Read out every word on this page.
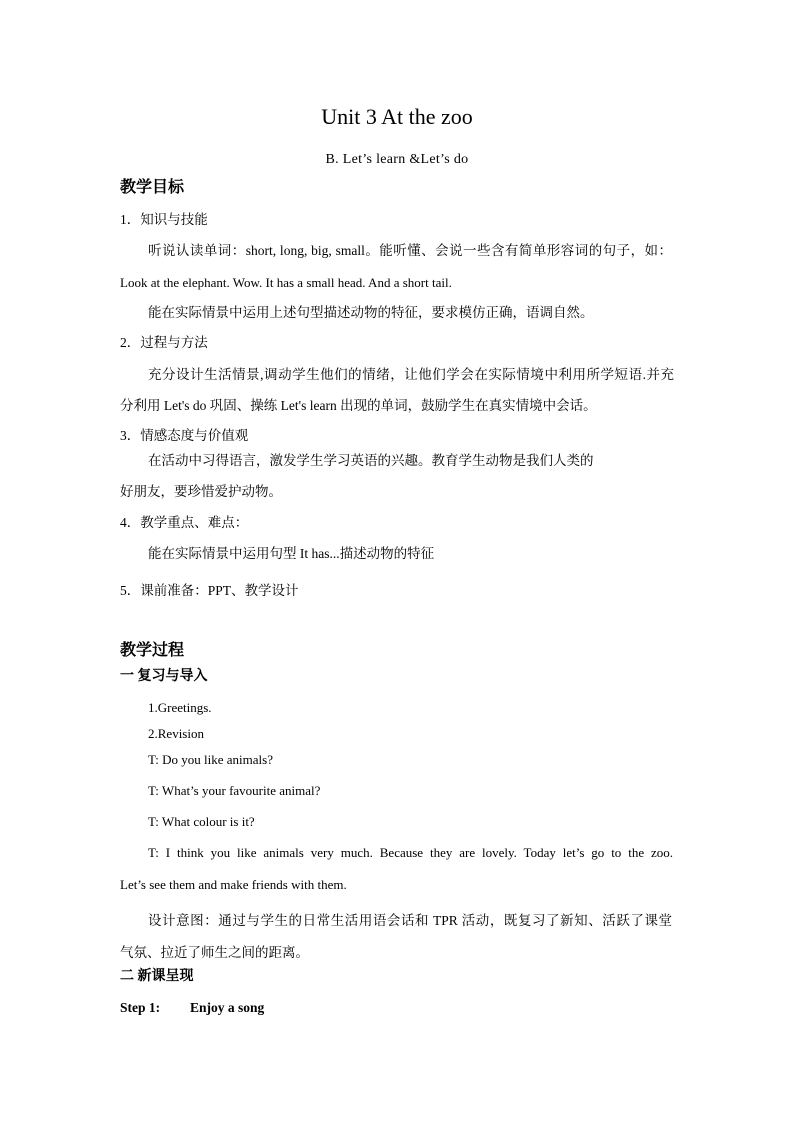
Unit 3 At the zoo
B. Let’s learn &Let’s do
教学目标
1．知识与技能
听说认读单词：short, long, big, small。能听懂、会说一些含有简单形容词的句子，如：
Look at the elephant. Wow. It has a small head. And a short tail.
能在实际情景中运用上述句型描述动物的特征，要求模仿正确，语调自然。
2．过程与方法
充分设计生活情景,调动学生他们的情绪，让他们学会在实际情境中利用所学短语.并充
分利用 Let's do 巩固、操练 Let's learn 出现的单词，鼓励学生在真实情境中会话。
3．情感态度与价值观
在活动中习得语言，激发学生学习英语的兴趣。教育学生动物是我们人类的
好朋友，要珍惜爱护动物。
4．教学重点、难点：
能在实际情景中运用句型 It has...描述动物的特征
5．课前准备：PPT、教学设计
教学过程
一 复习与导入
1.Greetings.
2.Revision
T: Do you like animals?
T: What’s your favourite animal?
T: What colour is it?
T: I think you like animals very much. Because they are lovely. Today let’s go to the zoo.
Let’s see them and make friends with them.
设计意图：通过与学生的日常生活用语会话和 TPR 活动，既复习了新知、活跃了课堂
气氛、拉近了师生之间的距离。
二 新课呈现
Step 1: Enjoy a song
